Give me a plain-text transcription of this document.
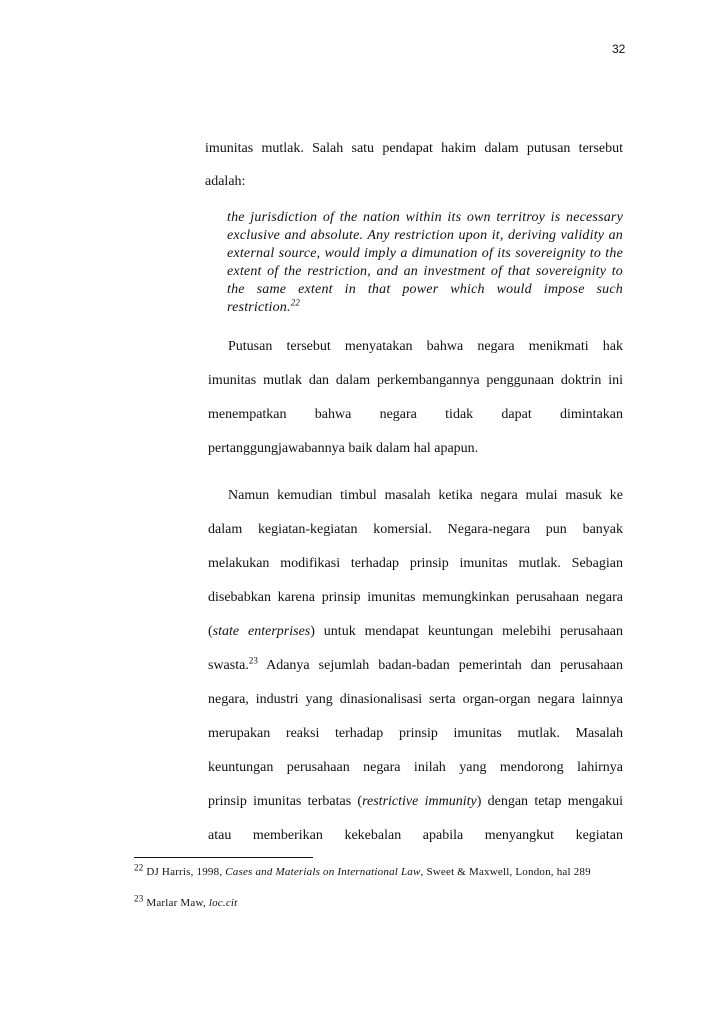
32
imunitas mutlak. Salah satu pendapat hakim dalam putusan tersebut
adalah:
the jurisdiction of the nation within its own territroy is necessary
exclusive and absolute. Any restriction upon it, deriving validity an
external source, would imply a dimunation of its sovereignity to the
extent of the restriction, and an investment of that sovereignity to
the same extent in that power which would impose such
restriction.$^{22}$
Putusan tersebut menyatakan bahwa negara menikmati hak
imunitas mutlak dan dalam perkembangannya penggunaan doktrin ini
menempatkan bahwa negara tidak dapat dimintakan
pertanggungjawabannya baik dalam hal apapun.
Namun kemudian timbul masalah ketika negara mulai masuk ke
dalam kegiatan-kegiatan komersial. Negara-negara pun banyak
melakukan modifikasi terhadap prinsip imunitas mutlak. Sebagian
disebabkan karena prinsip imunitas memungkinkan perusahaan negara
(state enterprises) untuk mendapat keuntungan melebihi perusahaan
swasta.$^{23}$ Adanya sejumlah badan-badan pemerintah dan perusahaan
negara, industri yang dinasionalisasi serta organ-organ negara lainnya
merupakan reaksi terhadap prinsip imunitas mutlak. Masalah
keuntungan perusahaan negara inilah yang mendorong lahirnya
prinsip imunitas terbatas (restrictive immunity) dengan tetap mengakui
atau memberikan kekebalan apabila menyangkut kegiatan
$^{22}$ DJ Harris, 1998, Cases and Materials on International Law, Sweet & Maxwell, London, hal 289
$^{23}$ Marlar Maw, loc.cit
